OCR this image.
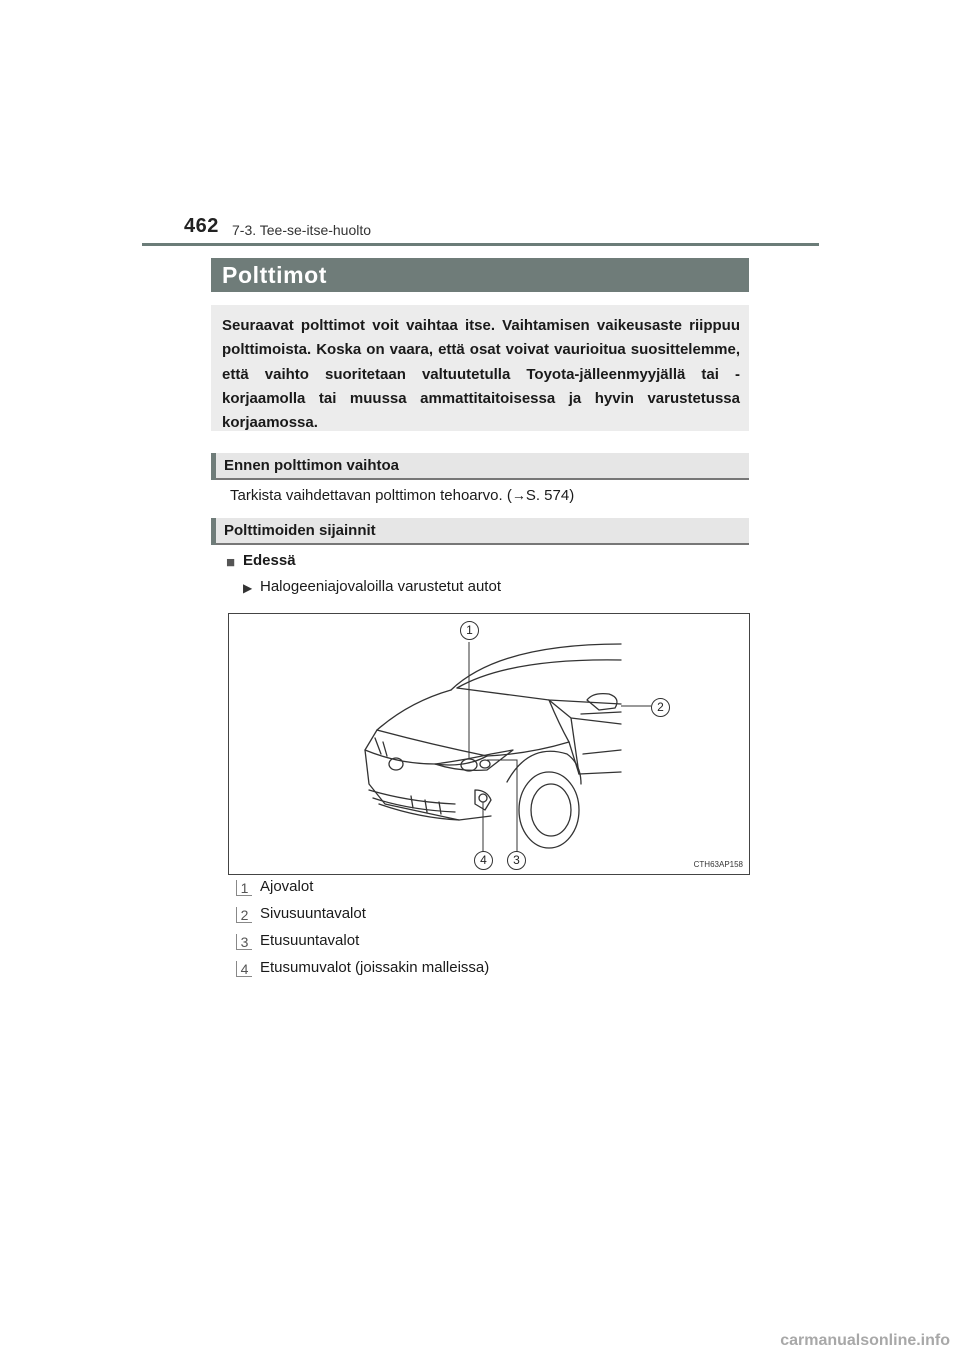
462 7-3. Tee-se-itse-huolto
Polttimot
Seuraavat polttimot voit vaihtaa itse. Vaihtamisen vaikeusaste riippuu polttimoista. Koska on vaara, että osat voivat vaurioitua suosittelemme, että vaihto suoritetaan valtuutetulla Toyota-jälleenmyyjällä tai -korjaamolla tai muussa ammattitaitoisessa ja hyvin varustetussa korjaamossa.
Ennen polttimon vaihtoa
Tarkista vaihdettavan polttimon tehoarvo. (→S. 574)
Polttimoiden sijainnit
■ Edessä
▶ Halogeeniajovaloilla varustetut autot
1
2
3
4	CTH63AP158
1 Ajovalot
2 Sivusuuntavalot
3 Etusuuntavalot
4 Etusumuvalot (joissakin malleissa)
carmanualsonline.info
